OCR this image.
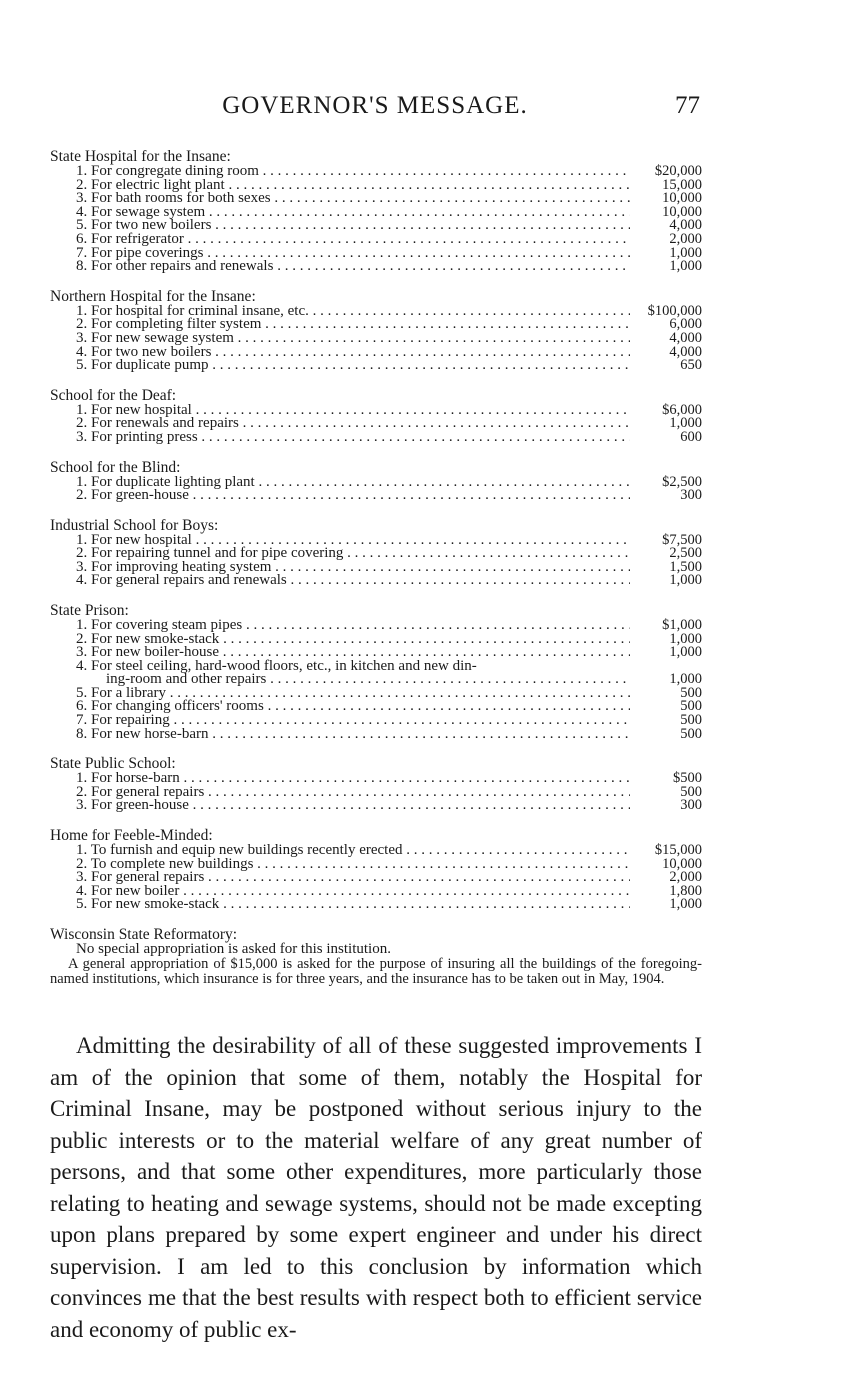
GOVERNOR'S MESSAGE.	77
State Hospital for the Insane:
1. For congregate dining room . . .	$20,000
2. For electric light plant . . .	15,000
3. For bath rooms for both sexes . . .	10,000
4. For sewage system . . .	10,000
5. For two new boilers . . .	4,000
6. For refrigerator . . .	2,000
7. For pipe coverings . . .	1,000
8. For other repairs and renewals . . .	1,000
Northern Hospital for the Insane:
1. For hospital for criminal insane, etc. . . .	$100,000
2. For completing filter system . . .	6,000
3. For new sewage system . . .	4,000
4. For two new boilers . . .	4,000
5. For duplicate pump . . .	650
School for the Deaf:
1. For new hospital . . .	$6,000
2. For renewals and repairs . . .	1,000
3. For printing press . . .	600
School for the Blind:
1. For duplicate lighting plant . . .	$2,500
2. For green-house . . .	300
Industrial School for Boys:
1. For new hospital . . .	$7,500
2. For repairing tunnel and for pipe covering . . .	2,500
3. For improving heating system . . .	1,500
4. For general repairs and renewals . . .	1,000
State Prison:
1. For covering steam pipes . . .	$1,000
2. For new smoke-stack . . .	1,000
3. For new boiler-house . . .	1,000
4. For steel ceiling, hard-wood floors, etc., in kitchen and new din-
ing-room and other repairs . . .	1,000
5. For a library . . .	500
6. For changing officers' rooms . . .	500
7. For repairing . . .	500
8. For new horse-barn . . .	500
State Public School:
1. For horse-barn . . .	$500
2. For general repairs . . .	500
3. For green-house . . .	300
Home for Feeble-Minded:
1. To furnish and equip new buildings recently erected . . .	$15,000
2. To complete new buildings . . .	10,000
3. For general repairs . . .	2,000
4. For new boiler . . .	1,800
5. For new smoke-stack . . .	1,000
Wisconsin State Reformatory:
No special appropriation is asked for this institution.
A general appropriation of $15,000 is asked for the purpose of insuring all the buildings of the foregoing-named institutions, which insurance is for three years, and the insurance has to be taken out in May, 1904.
Admitting the desirability of all of these suggested improvements I am of the opinion that some of them, notably the Hospital for Criminal Insane, may be postponed without serious injury to the public interests or to the material welfare of any great number of persons, and that some other expenditures, more particularly those relating to heating and sewage systems, should not be made excepting upon plans prepared by some expert engineer and under his direct supervision. I am led to this conclusion by information which convinces me that the best results with respect both to efficient service and economy of public ex-
